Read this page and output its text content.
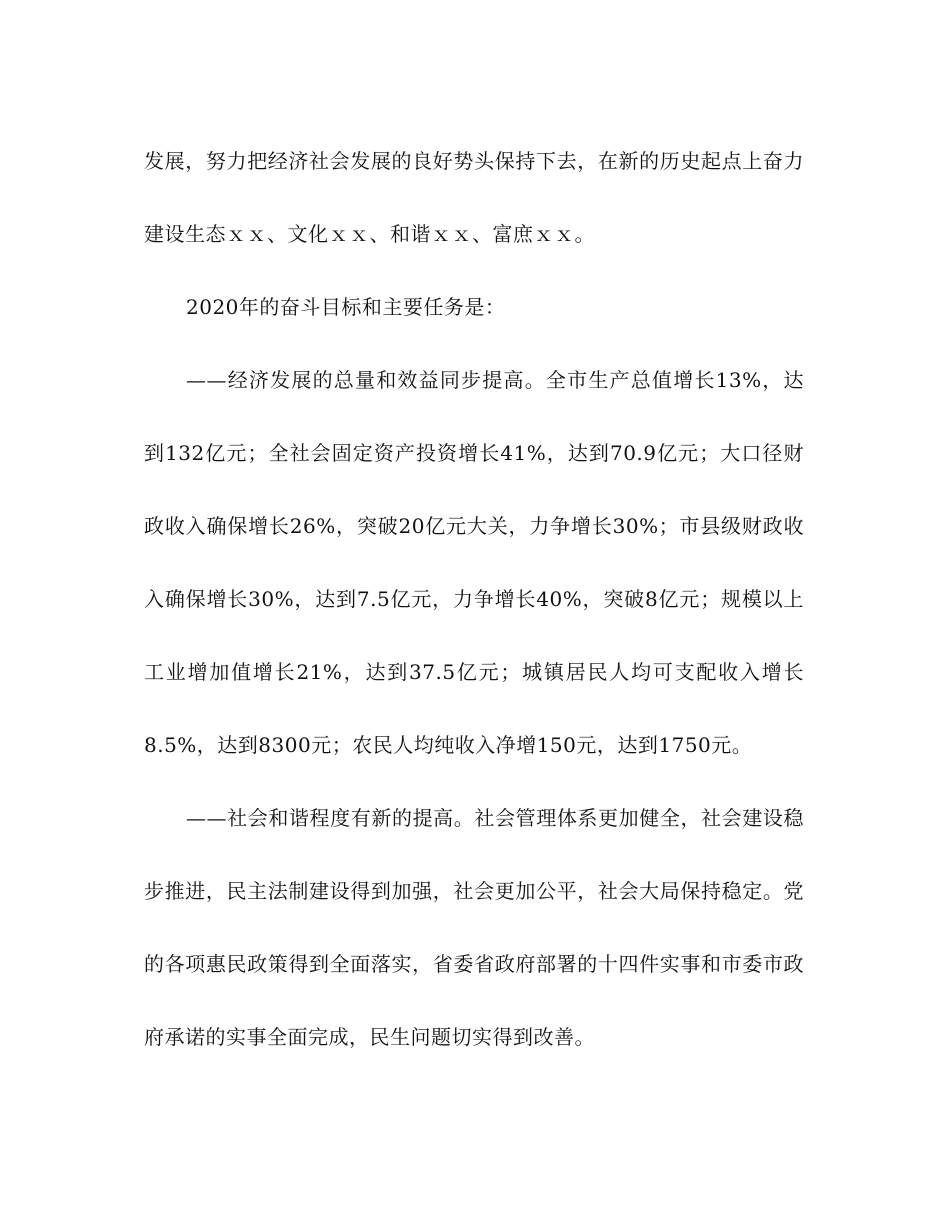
发展，努力把经济社会发展的良好势头保持下去，在新的历史起点上奋力建设生态ｘｘ、文化ｘｘ、和谐ｘｘ、富庶ｘｘ。

2020年的奋斗目标和主要任务是：

——经济发展的总量和效益同步提高。全市生产总值增长13%，达到132亿元；全社会固定资产投资增长41%，达到70.9亿元；大口径财政收入确保增长26%，突破20亿元大关，力争增长30%；市县级财政收入确保增长30%，达到7.5亿元，力争增长40%，突破8亿元；规模以上工业增加值增长21%，达到37.5亿元；城镇居民人均可支配收入增长8.5%，达到8300元；农民人均纯收入净增150元，达到1750元。

——社会和谐程度有新的提高。社会管理体系更加健全，社会建设稳步推进，民主法制建设得到加强，社会更加公平，社会大局保持稳定。党的各项惠民政策得到全面落实，省委省政府部署的十四件实事和市委市政府承诺的实事全面完成，民生问题切实得到改善。
